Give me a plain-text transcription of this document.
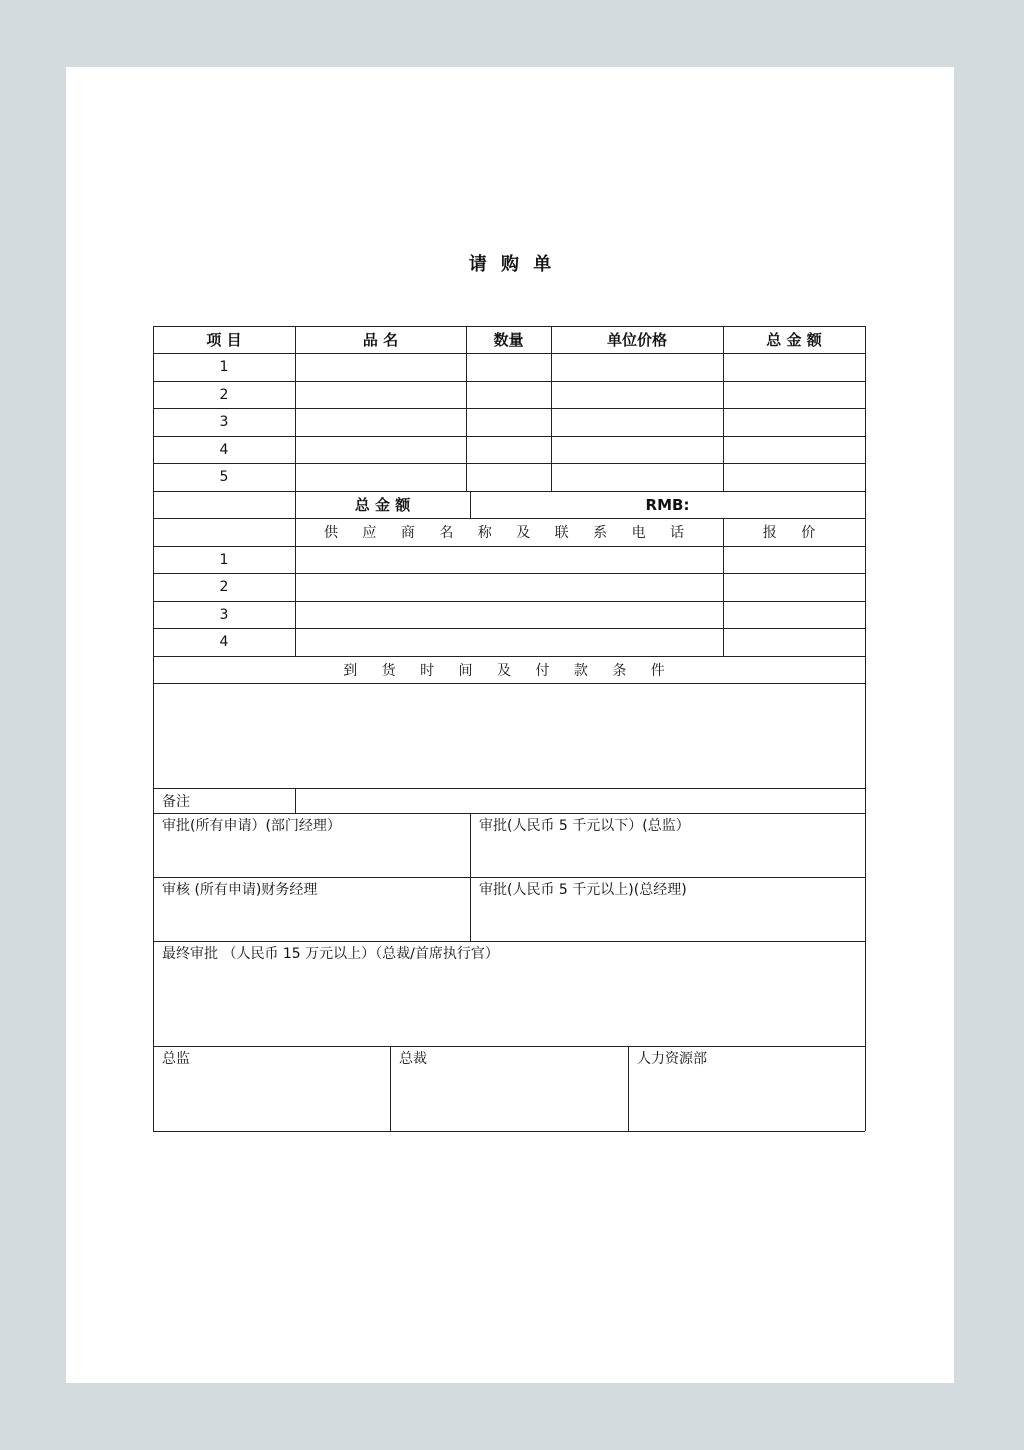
请 购 单
项 目	品 名	数量	单位价格	总 金 额
1
2
3
4
5
总 金 额	RMB:
供 应 商 名 称 及 联 系 电 话	报 价
1
2
3
4
到 货 时 间 及 付 款 条 件
备注
审批(所有申请）(部门经理）	审批(人民币 5 千元以下）(总监）
审核 (所有申请)财务经理	审批(人民币 5 千元以上)(总经理)
最终审批 （人民币 15 万元以上）（总裁/首席执行官）
总监	总裁	人力资源部
